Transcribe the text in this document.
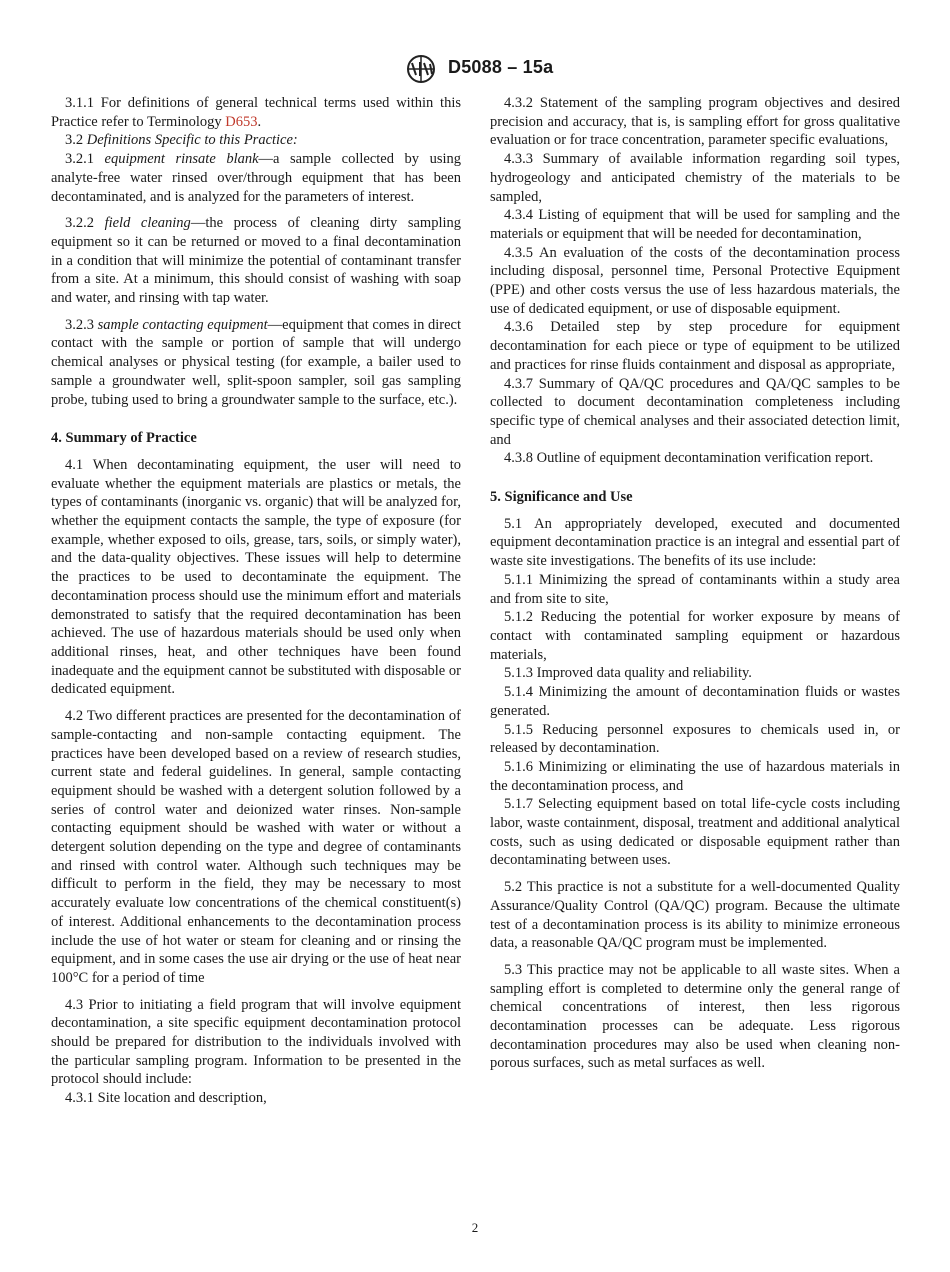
D5088 – 15a

3.1.1 For definitions of general technical terms used within this Practice refer to Terminology D653.

3.2 Definitions Specific to this Practice:

3.2.1 equipment rinsate blank—a sample collected by using analyte-free water rinsed over/through equipment that has been decontaminated, and is analyzed for the parameters of interest.

3.2.2 field cleaning—the process of cleaning dirty sampling equipment so it can be returned or moved to a final decontamination in a condition that will minimize the potential of contaminant transfer from a site. At a minimum, this should consist of washing with soap and water, and rinsing with tap water.

3.2.3 sample contacting equipment—equipment that comes in direct contact with the sample or portion of sample that will undergo chemical analyses or physical testing (for example, a bailer used to sample a groundwater well, split-spoon sampler, soil gas sampling probe, tubing used to bring a groundwater sample to the surface, etc.).

4. Summary of Practice

4.1 When decontaminating equipment, the user will need to evaluate whether the equipment materials are plastics or metals, the types of contaminants (inorganic vs. organic) that will be analyzed for, whether the equipment contacts the sample, the type of exposure (for example, whether exposed to oils, grease, tars, soils, or simply water), and the data-quality objectives. These issues will help to determine the practices to be used to decontaminate the equipment. The decontamination process should use the minimum effort and materials demonstrated to satisfy that the required decontamination has been achieved. The use of hazardous materials should be used only when additional rinses, heat, and other techniques have been found inadequate and the equipment cannot be substituted with disposable or dedicated equipment.

4.2 Two different practices are presented for the decontamination of sample-contacting and non-sample contacting equipment. The practices have been developed based on a review of research studies, current state and federal guidelines. In general, sample contacting equipment should be washed with a detergent solution followed by a series of control water and deionized water rinses. Non-sample contacting equipment should be washed with water or without a detergent solution depending on the type and degree of contaminants and rinsed with control water. Although such techniques may be difficult to perform in the field, they may be necessary to most accurately evaluate low concentrations of the chemical constituent(s) of interest. Additional enhancements to the decontamination process include the use of hot water or steam for cleaning and or rinsing the equipment, and in some cases the use air drying or the use of heat near 100°C for a period of time

4.3 Prior to initiating a field program that will involve equipment decontamination, a site specific equipment decontamination protocol should be prepared for distribution to the individuals involved with the particular sampling program. Information to be presented in the protocol should include:

4.3.1 Site location and description,

4.3.2 Statement of the sampling program objectives and desired precision and accuracy, that is, is sampling effort for gross qualitative evaluation or for trace concentration, parameter specific evaluations,

4.3.3 Summary of available information regarding soil types, hydrogeology and anticipated chemistry of the materials to be sampled,

4.3.4 Listing of equipment that will be used for sampling and the materials or equipment that will be needed for decontamination,

4.3.5 An evaluation of the costs of the decontamination process including disposal, personnel time, Personal Protective Equipment (PPE) and other costs versus the use of less hazardous materials, the use of dedicated equipment, or use of disposable equipment.

4.3.6 Detailed step by step procedure for equipment decontamination for each piece or type of equipment to be utilized and practices for rinse fluids containment and disposal as appropriate,

4.3.7 Summary of QA/QC procedures and QA/QC samples to be collected to document decontamination completeness including specific type of chemical analyses and their associated detection limit, and

4.3.8 Outline of equipment decontamination verification report.

5. Significance and Use

5.1 An appropriately developed, executed and documented equipment decontamination practice is an integral and essential part of waste site investigations. The benefits of its use include:

5.1.1 Minimizing the spread of contaminants within a study area and from site to site,

5.1.2 Reducing the potential for worker exposure by means of contact with contaminated sampling equipment or hazardous materials,

5.1.3 Improved data quality and reliability.

5.1.4 Minimizing the amount of decontamination fluids or wastes generated.

5.1.5 Reducing personnel exposures to chemicals used in, or released by decontamination.

5.1.6 Minimizing or eliminating the use of hazardous materials in the decontamination process, and

5.1.7 Selecting equipment based on total life-cycle costs including labor, waste containment, disposal, treatment and additional analytical costs, such as using dedicated or disposable equipment rather than decontaminating between uses.

5.2 This practice is not a substitute for a well-documented Quality Assurance/Quality Control (QA/QC) program. Because the ultimate test of a decontamination process is its ability to minimize erroneous data, a reasonable QA/QC program must be implemented.

5.3 This practice may not be applicable to all waste sites. When a sampling effort is completed to determine only the general range of chemical concentrations of interest, then less rigorous decontamination processes can be adequate. Less rigorous decontamination procedures may also be used when cleaning non-porous surfaces, such as metal surfaces as well.

2
